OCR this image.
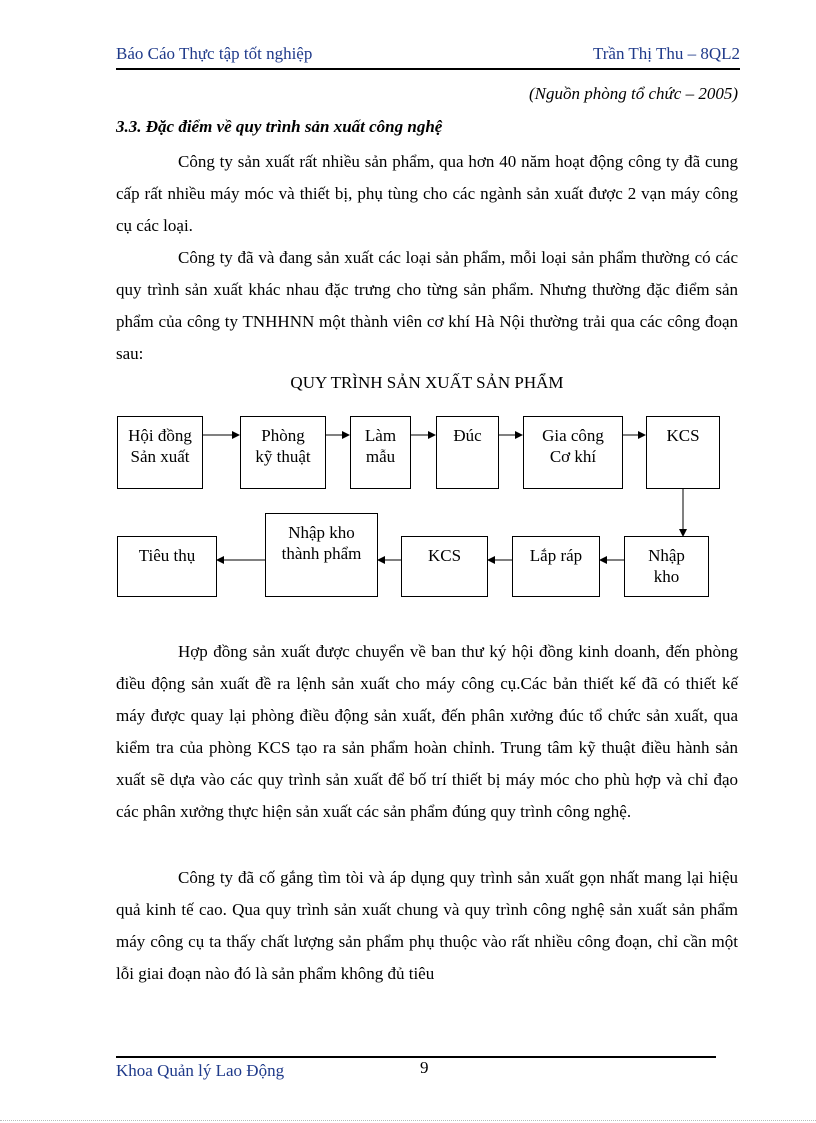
Báo Cáo Thực tập tốt nghiệp	Trần Thị Thu – 8QL2
(Nguồn phòng tổ chức – 2005)
3.3. Đặc điểm về quy trình sản xuất công nghệ

Công ty sản xuất rất nhiều sản phẩm, qua hơn 40 năm hoạt động công ty đã cung cấp rất nhiều máy móc và thiết bị, phụ tùng cho các ngành sản xuất được 2 vạn máy công cụ các loại.

Công ty đã và đang sản xuất các loại sản phẩm, mỗi loại sản phẩm thường có các quy trình sản xuất khác nhau đặc trưng cho từng sản phẩm. Nhưng thường đặc điểm sản phẩm của công ty TNHHNN một thành viên cơ khí Hà Nội thường trải qua các công đoạn sau:

QUY TRÌNH SẢN XUẤT SẢN PHẨM
Hội đồng
Sản xuất
Phòng
kỹ thuật
Làm
mẫu
Đúc	Gia công
Cơ khí
KCS
Tiêu thụ
Nhập kho
thành phẩm	KCS	Lắp ráp	Nhập
kho

Hợp đồng sản xuất được chuyển về ban thư ký hội đồng kinh doanh, đến phòng điều động sản xuất đề ra lệnh sản xuất cho máy công cụ.Các bản thiết kế đã có thiết kế máy được quay lại phòng điều động sản xuất, đến phân xưởng đúc tổ chức sản xuất, qua kiểm tra của phòng KCS tạo ra sản phẩm hoàn chỉnh. Trung tâm kỹ thuật điều hành sản xuất sẽ dựa vào các quy trình sản xuất để bố trí thiết bị máy móc cho phù hợp và chỉ đạo các phân xưởng thực hiện sản xuất các sản phẩm đúng quy trình công nghệ.

Công ty đã cố gắng tìm tòi và áp dụng quy trình sản xuất gọn nhất mang lại hiệu quả kinh tế cao. Qua quy trình sản xuất chung và quy trình công nghệ sản xuất sản phẩm máy công cụ ta thấy chất lượng sản phẩm phụ thuộc vào rất nhiều công đoạn, chỉ cần một lỗi giai đoạn nào đó là sản phẩm không đủ tiêu

Khoa Quản lý Lao Động	9
